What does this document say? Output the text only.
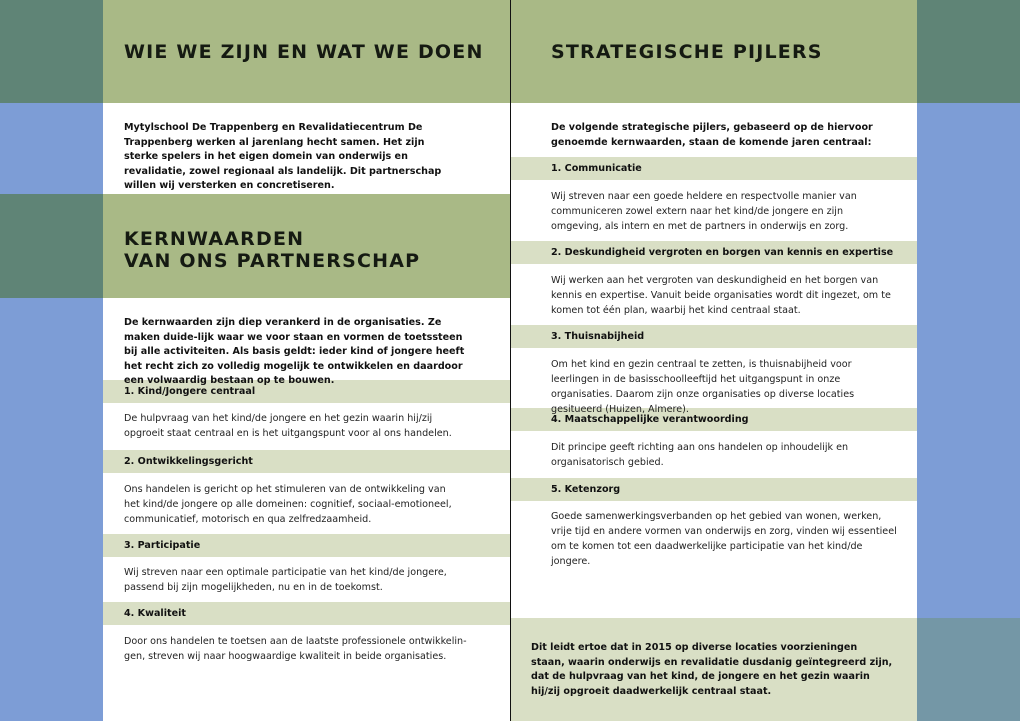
WIE WE ZIJN EN WAT WE DOEN

Mytylschool De Trappenberg en Revalidatiecentrum De Trappenberg werken al jarenlang hecht samen. Het zijn sterke spelers in het eigen domein van onderwijs en revalidatie, zowel regionaal als landelijk. Dit partnerschap willen wij versterken en concretiseren.

KERNWAARDEN
VAN ONS PARTNERSCHAP

De kernwaarden zijn diep verankerd in de organisaties. Ze maken duide-lijk waar we voor staan en vormen de toetssteen bij alle activiteiten. Als basis geldt: ieder kind of jongere heeft het recht zich zo volledig mogelijk te ontwikkelen en daardoor een volwaardig bestaan op te bouwen.

1. Kind/Jongere centraal

De hulpvraag van het kind/de jongere en het gezin waarin hij/zij opgroeit staat centraal en is het uitgangspunt voor al ons handelen.

2. Ontwikkelingsgericht

Ons handelen is gericht op het stimuleren van de ontwikkeling van het kind/de jongere op alle domeinen: cognitief, sociaal-emotioneel, communicatief, motorisch en qua zelfredzaamheid.

3. Participatie

Wij streven naar een optimale participatie van het kind/de jongere, passend bij zijn mogelijkheden, nu en in de toekomst.

4. Kwaliteit

Door ons handelen te toetsen aan de laatste professionele ontwikkelin-gen, streven wij naar hoogwaardige kwaliteit in beide organisaties.

STRATEGISCHE PIJLERS

De volgende strategische pijlers, gebaseerd op de hiervoor genoemde kernwaarden, staan de komende jaren centraal:

1. Communicatie

Wij streven naar een goede heldere en respectvolle manier van communiceren zowel extern naar het kind/de jongere en zijn omgeving, als intern en met de partners in onderwijs en zorg.

2. Deskundigheid vergroten en borgen van kennis en expertise

Wij werken aan het vergroten van deskundigheid en het borgen van kennis en expertise. Vanuit beide organisaties wordt dit ingezet, om te komen tot één plan, waarbij het kind centraal staat.

3. Thuisnabijheid

Om het kind en gezin centraal te zetten, is thuisnabijheid voor leerlingen in de basisschoolleeftijd het uitgangspunt in onze organisaties. Daarom zijn onze organisaties op diverse locaties gesitueerd (Huizen, Almere).

4. Maatschappelijke verantwoording

Dit principe geeft richting aan ons handelen op inhoudelijk en organisatorisch gebied.

5. Ketenzorg

Goede samenwerkingsverbanden op het gebied van wonen, werken, vrije tijd en andere vormen van onderwijs en zorg, vinden wij essentieel om te komen tot een daadwerkelijke participatie van het kind/de jongere.

Dit leidt ertoe dat in 2015 op diverse locaties voorzieningen staan, waarin onderwijs en revalidatie dusdanig geïntegreerd zijn, dat de hulpvraag van het kind, de jongere en het gezin waarin hij/zij opgroeit daadwerkelijk centraal staat.
